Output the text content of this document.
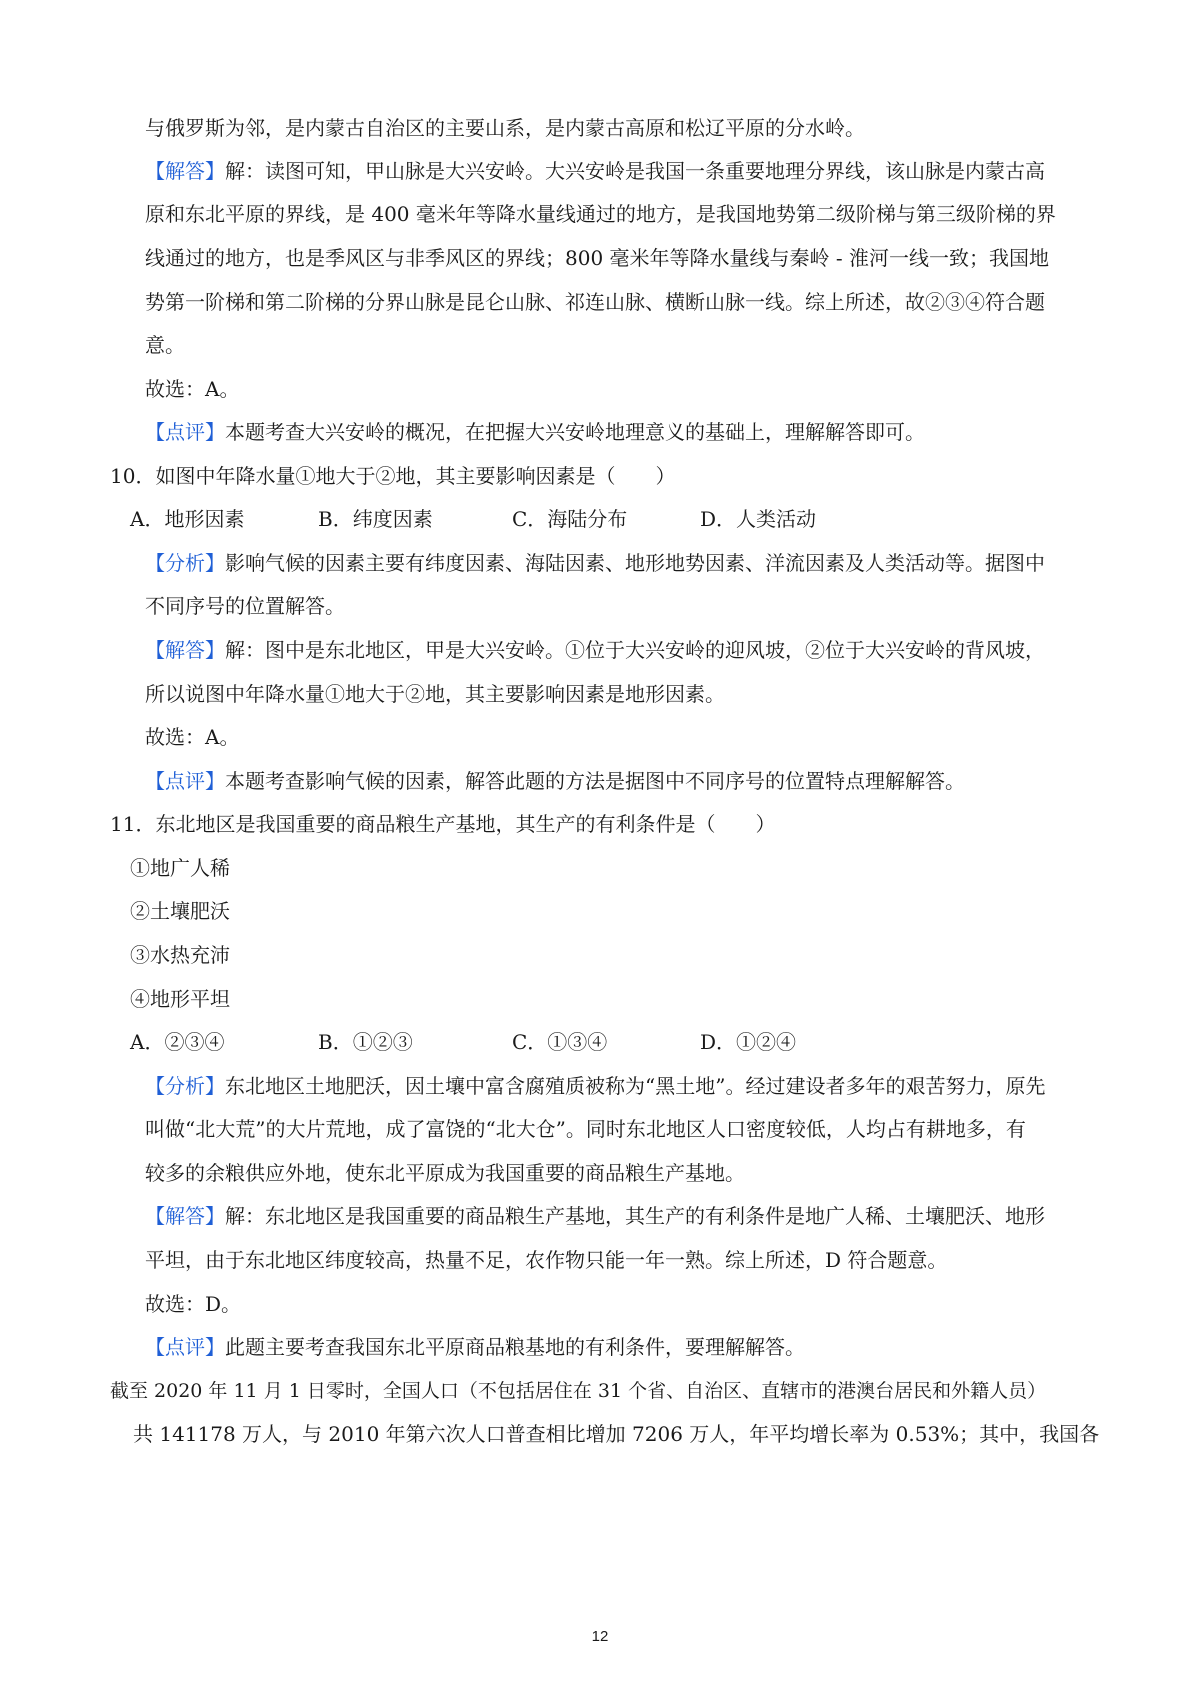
与俄罗斯为邻，是内蒙古自治区的主要山系，是内蒙古高原和松辽平原的分水岭。
【解答】解：读图可知，甲山脉是大兴安岭。大兴安岭是我国一条重要地理分界线，该山脉是内蒙古高
原和东北平原的界线，是 400 毫米年等降水量线通过的地方，是我国地势第二级阶梯与第三级阶梯的界
线通过的地方，也是季风区与非季风区的界线；800 毫米年等降水量线与秦岭 - 淮河一线一致；我国地
势第一阶梯和第二阶梯的分界山脉是昆仑山脉、祁连山脉、横断山脉一线。综上所述，故②③④符合题
意。
故选：A。
【点评】本题考查大兴安岭的概况，在把握大兴安岭地理意义的基础上，理解解答即可。
10．如图中年降水量①地大于②地，其主要影响因素是（　　）
A．地形因素	B．纬度因素	C．海陆分布	D．人类活动
【分析】影响气候的因素主要有纬度因素、海陆因素、地形地势因素、洋流因素及人类活动等。据图中
不同序号的位置解答。
【解答】解：图中是东北地区，甲是大兴安岭。①位于大兴安岭的迎风坡，②位于大兴安岭的背风坡，
所以说图中年降水量①地大于②地，其主要影响因素是地形因素。
故选：A。
【点评】本题考查影响气候的因素，解答此题的方法是据图中不同序号的位置特点理解解答。
11．东北地区是我国重要的商品粮生产基地，其生产的有利条件是（　　）
①地广人稀
②土壤肥沃
③水热充沛
④地形平坦
A．②③④	B．①②③	C．①③④	D．①②④
【分析】东北地区土地肥沃，因土壤中富含腐殖质被称为“黑土地”。经过建设者多年的艰苦努力，原先
叫做“北大荒”的大片荒地，成了富饶的“北大仓”。同时东北地区人口密度较低，人均占有耕地多，有
较多的余粮供应外地，使东北平原成为我国重要的商品粮生产基地。
【解答】解：东北地区是我国重要的商品粮生产基地，其生产的有利条件是地广人稀、土壤肥沃、地形
平坦，由于东北地区纬度较高，热量不足，农作物只能一年一熟。综上所述，D 符合题意。
故选：D。
【点评】此题主要考查我国东北平原商品粮基地的有利条件，要理解解答。
截至 2020 年 11 月 1 日零时，全国人口（不包括居住在 31 个省、自治区、直辖市的港澳台居民和外籍人员）
共 141178 万人，与 2010 年第六次人口普查相比增加 7206 万人，年平均增长率为 0.53%；其中，我国各
12
